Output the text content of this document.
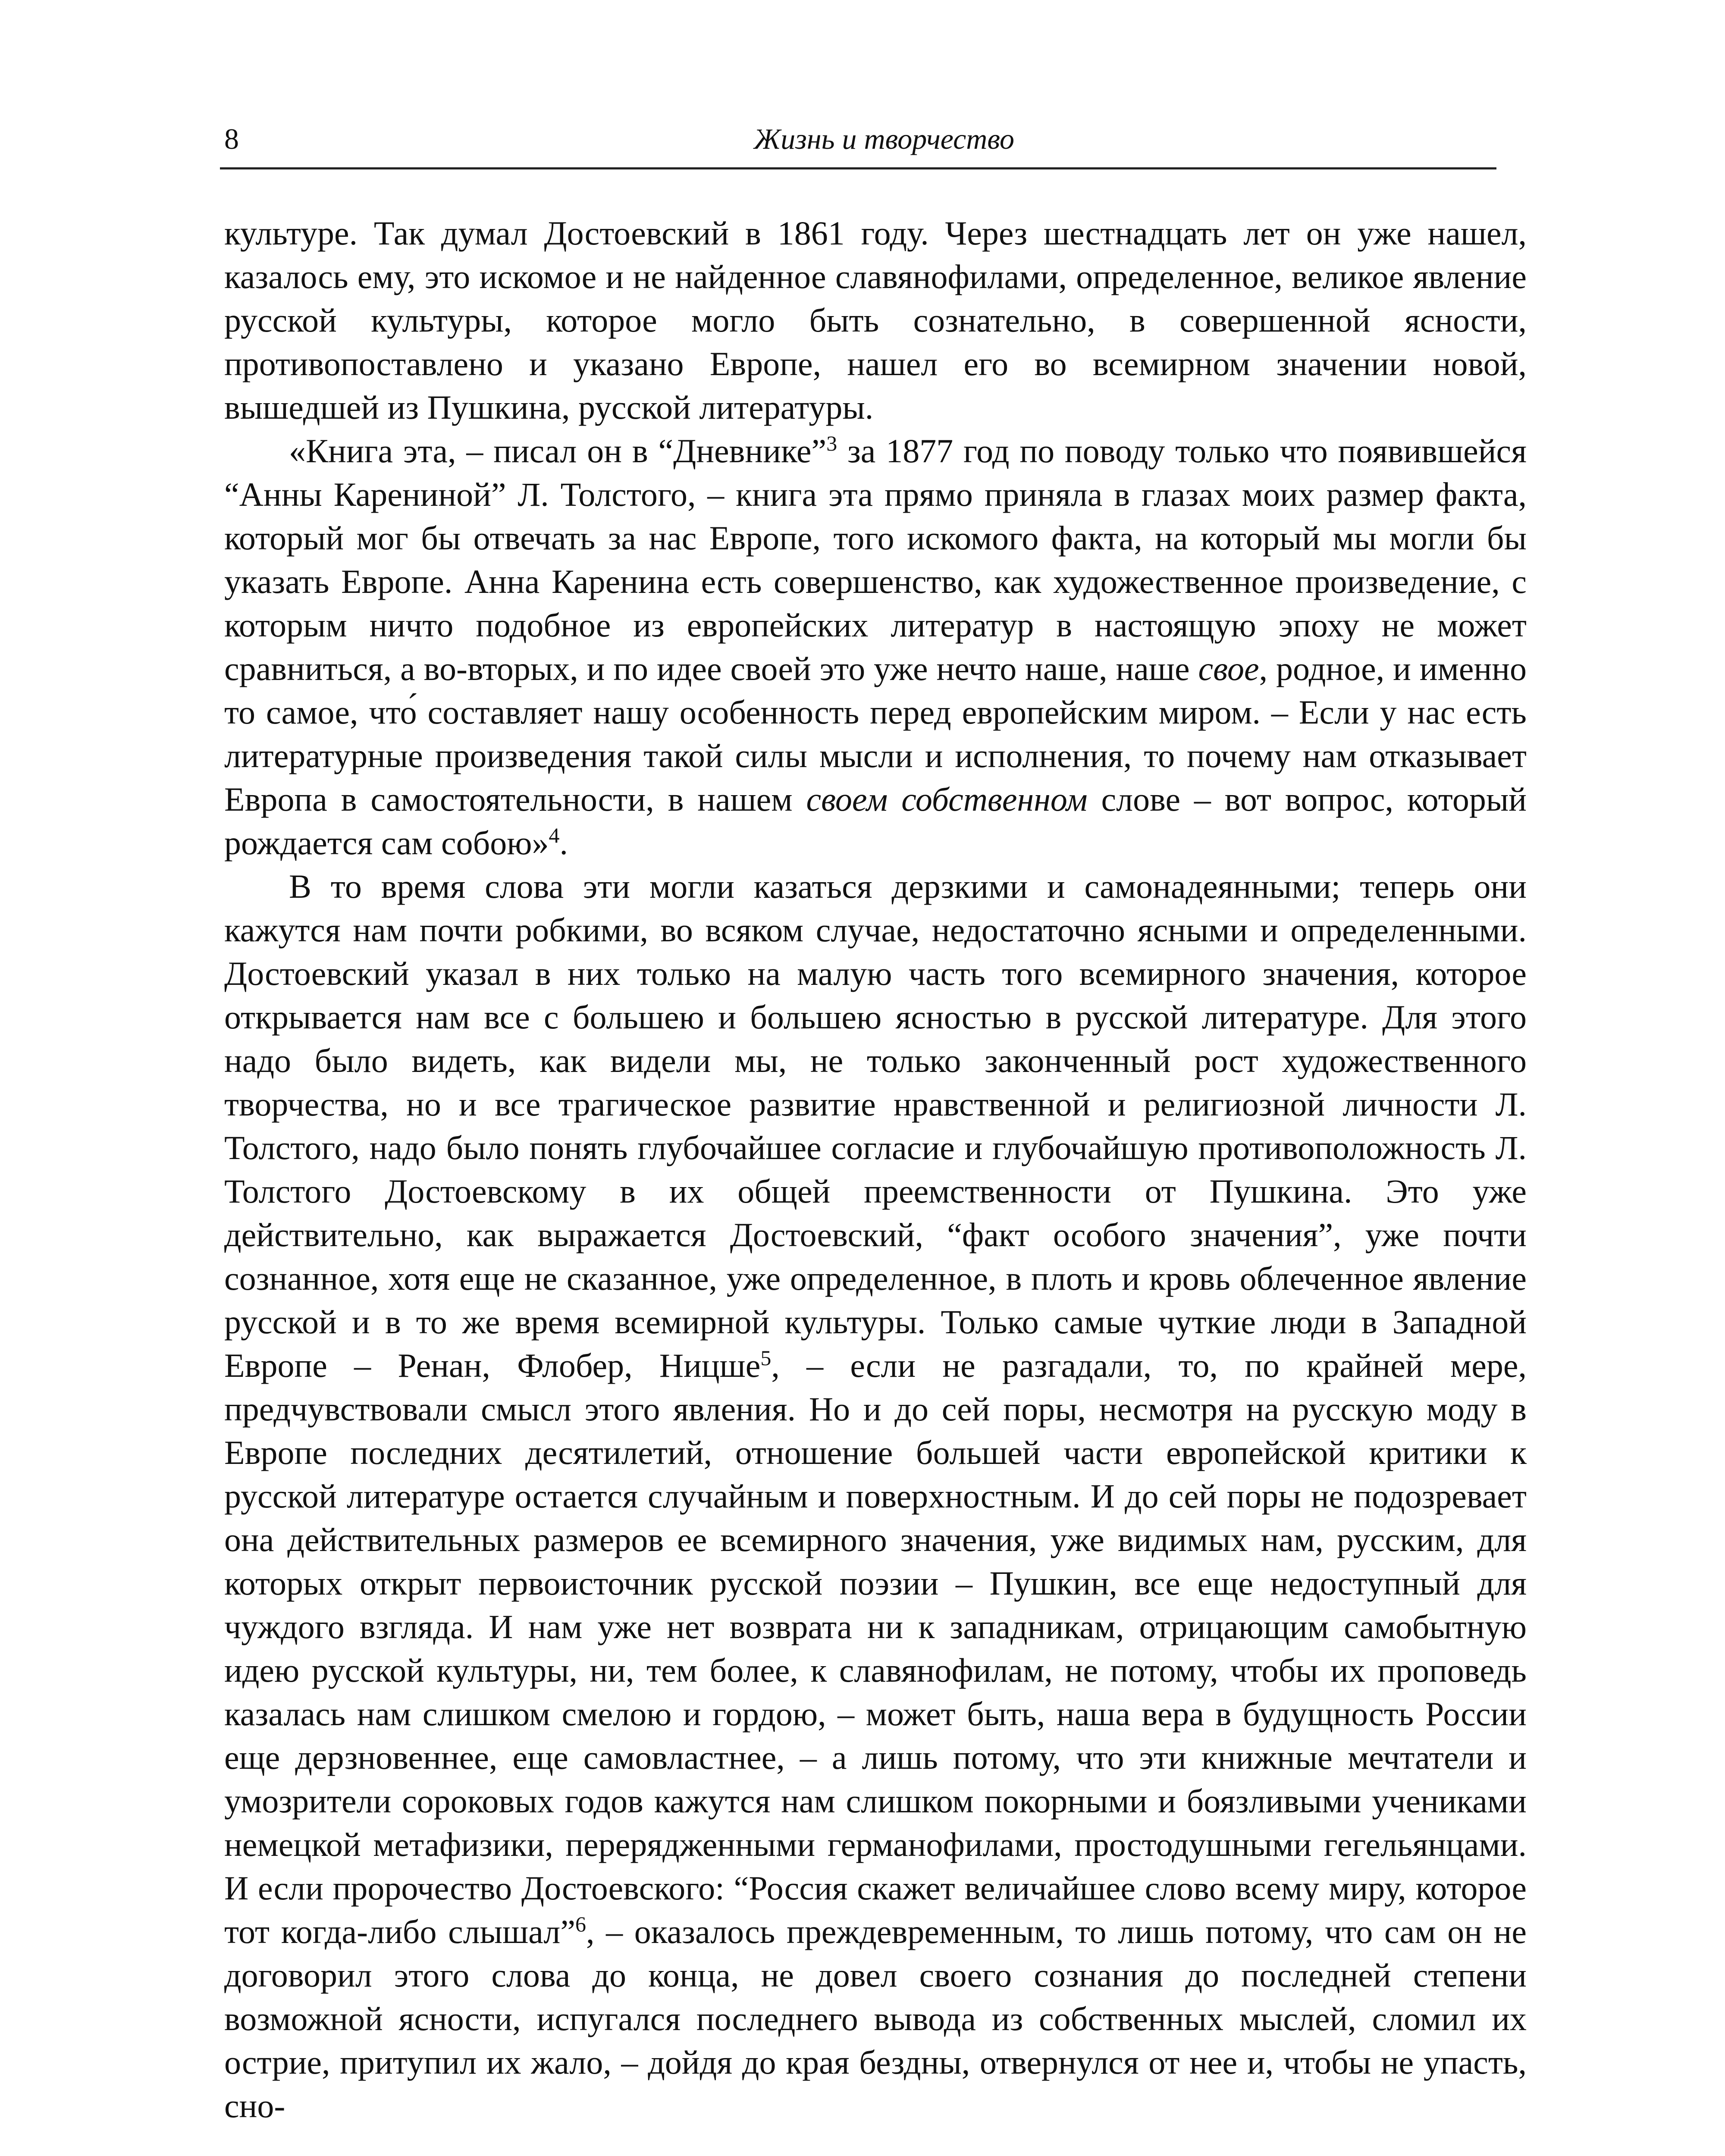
8	Жизнь и творчество

культуре. Так думал Достоевский в 1861 году. Через шестнадцать лет он уже нашел, казалось ему, это искомое и не найденное славянофилами, определенное, великое явление русской культуры, которое могло быть сознательно, в совершенной ясности, противопоставлено и указано Европе, нашел его во всемирном значении новой, вышедшей из Пушкина, русской литературы.

«Книга эта, – писал он в “Дневнике”$^3$ за 1877 год по поводу только что появившейся “Анны Карениной” Л. Толстого, – книга эта прямо приняла в глазах моих размер факта, который мог бы отвечать за нас Европе, того искомого факта, на который мы могли бы указать Европе. Анна Каренина есть совершенство, как художественное произведение, с которым ничто подобное из европейских литератур в настоящую эпоху не может сравниться, а во-вторых, и по идее своей это уже нечто наше, наше свое, родное, и именно то самое, что́ составляет нашу особенность перед европейским миром. – Если у нас есть литературные произведения такой силы мысли и исполнения, то почему нам отказывает Европа в самостоятельности, в нашем своем собственном слове – вот вопрос, который рождается сам собою»$^4$.

В то время слова эти могли казаться дерзкими и самонадеянными; теперь они кажутся нам почти робкими, во всяком случае, недостаточно ясными и определенными. Достоевский указал в них только на малую часть того всемирного значения, которое открывается нам все с большею и большею ясностью в русской литературе. Для этого надо было видеть, как видели мы, не только законченный рост художественного творчества, но и все трагическое развитие нравственной и религиозной личности Л. Толстого, надо было понять глубочайшее согласие и глубочайшую противоположность Л. Толстого Достоевскому в их общей преемственности от Пушкина. Это уже действительно, как выражается Достоевский, “факт особого значения”, уже почти сознанное, хотя еще не сказанное, уже определенное, в плоть и кровь облеченное явление русской и в то же время всемирной культуры. Только самые чуткие люди в Западной Европе – Ренан, Флобер, Ницше$^5$, – если не разгадали, то, по крайней мере, предчувствовали смысл этого явления. Но и до сей поры, несмотря на русскую моду в Европе последних десятилетий, отношение большей части европейской критики к русской литературе остается случайным и поверхностным. И до сей поры не подозревает она действительных размеров ее всемирного значения, уже видимых нам, русским, для которых открыт первоисточник русской поэзии – Пушкин, все еще недоступный для чуждого взгляда. И нам уже нет возврата ни к западникам, отрицающим самобытную идею русской культуры, ни, тем более, к славянофилам, не потому, чтобы их проповедь казалась нам слишком смелою и гордою, – может быть, наша вера в будущность России еще дерзновеннее, еще самовластнее, – а лишь потому, что эти книжные мечтатели и умозрители сороковых годов кажутся нам слишком покорными и боязливыми учениками немецкой метафизики, перерядженными германофилами, простодушными гегельянцами. И если пророчество Достоевского: “Россия скажет величайшее слово всему миру, которое тот когда-либо слышал”$^6$, – оказалось преждевременным, то лишь потому, что сам он не договорил этого слова до конца, не довел своего сознания до последней степени возможной ясности, испугался последнего вывода из собственных мыслей, сломил их острие, притупил их жало, – дойдя до края бездны, отвернулся от нее и, чтобы не упасть, сно-
